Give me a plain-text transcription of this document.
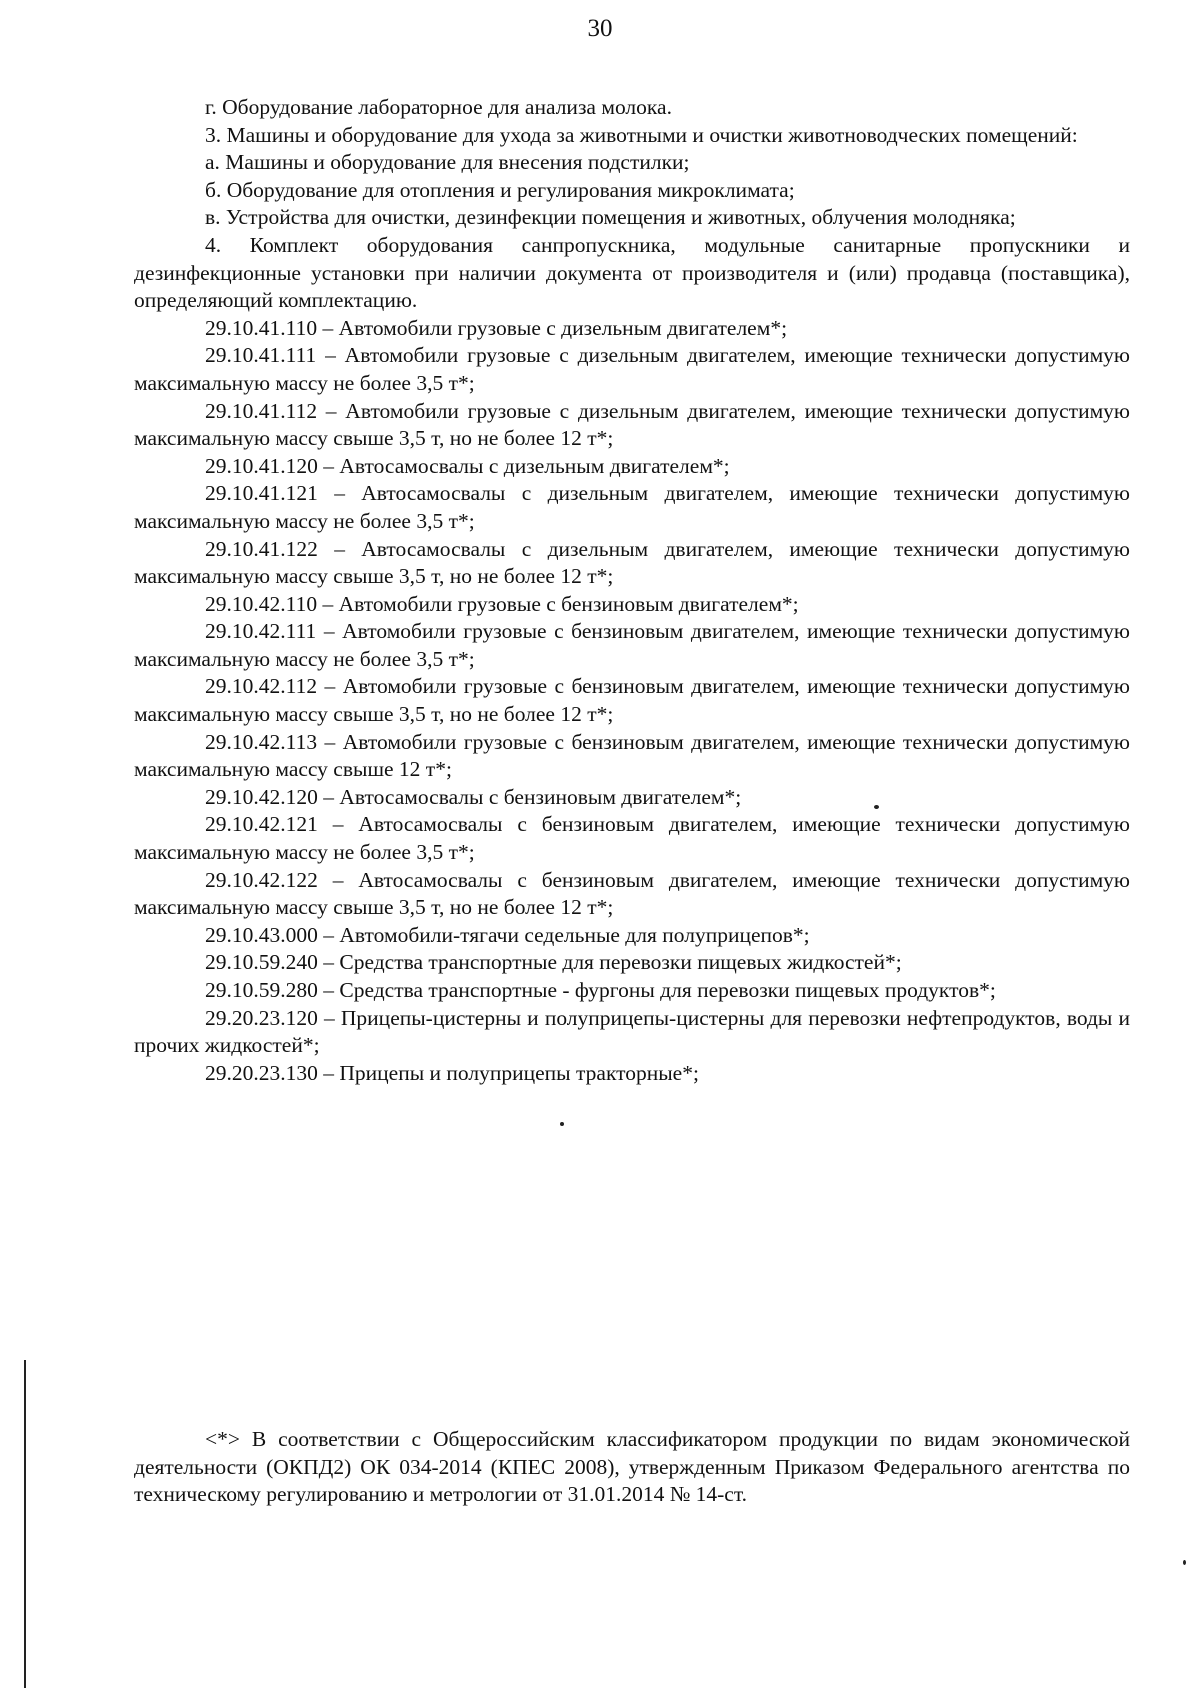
30

г. Оборудование лабораторное для анализа молока.

3. Машины и оборудование для ухода за животными и очистки животноводческих помещений:

а. Машины и оборудование для внесения подстилки;

б. Оборудование для отопления и регулирования микроклимата;

в. Устройства для очистки, дезинфекции помещения и животных, облучения молодняка;

4. Комплект оборудования санпропускника, модульные санитарные пропускники и дезинфекционные установки при наличии документа от производителя и (или) продавца (поставщика), определяющий комплектацию.

29.10.41.110 – Автомобили грузовые с дизельным двигателем*;

29.10.41.111 – Автомобили грузовые с дизельным двигателем, имеющие технически допустимую максимальную массу не более 3,5 т*;

29.10.41.112 – Автомобили грузовые с дизельным двигателем, имеющие технически допустимую максимальную массу свыше 3,5 т, но не более 12 т*;

29.10.41.120 – Автосамосвалы с дизельным двигателем*;

29.10.41.121 – Автосамосвалы с дизельным двигателем, имеющие технически допустимую максимальную массу не более 3,5 т*;

29.10.41.122 – Автосамосвалы с дизельным двигателем, имеющие технически допустимую максимальную массу свыше 3,5 т, но не более 12 т*;

29.10.42.110 – Автомобили грузовые с бензиновым двигателем*;

29.10.42.111 – Автомобили грузовые с бензиновым двигателем, имеющие технически допустимую максимальную массу не более 3,5 т*;

29.10.42.112 – Автомобили грузовые с бензиновым двигателем, имеющие технически допустимую максимальную массу свыше 3,5 т, но не более 12 т*;

29.10.42.113 – Автомобили грузовые с бензиновым двигателем, имеющие технически допустимую максимальную массу свыше 12 т*;

29.10.42.120 – Автосамосвалы с бензиновым двигателем*;

29.10.42.121 – Автосамосвалы с бензиновым двигателем, имеющие технически допустимую максимальную массу не более 3,5 т*;

29.10.42.122 – Автосамосвалы с бензиновым двигателем, имеющие технически допустимую максимальную массу свыше 3,5 т, но не более 12 т*;

29.10.43.000 – Автомобили-тягачи седельные для полуприцепов*;

29.10.59.240 – Средства транспортные для перевозки пищевых жидкостей*;

29.10.59.280 – Средства транспортные - фургоны для перевозки пищевых продуктов*;

29.20.23.120 – Прицепы-цистерны и полуприцепы-цистерны для перевозки нефтепродуктов, воды и прочих жидкостей*;

29.20.23.130 – Прицепы и полуприцепы тракторные*;

<*> В соответствии с Общероссийским классификатором продукции по видам экономической деятельности (ОКПД2) ОК 034-2014 (КПЕС 2008), утвержденным Приказом Федерального агентства по техническому регулированию и метрологии от 31.01.2014 № 14-ст.
